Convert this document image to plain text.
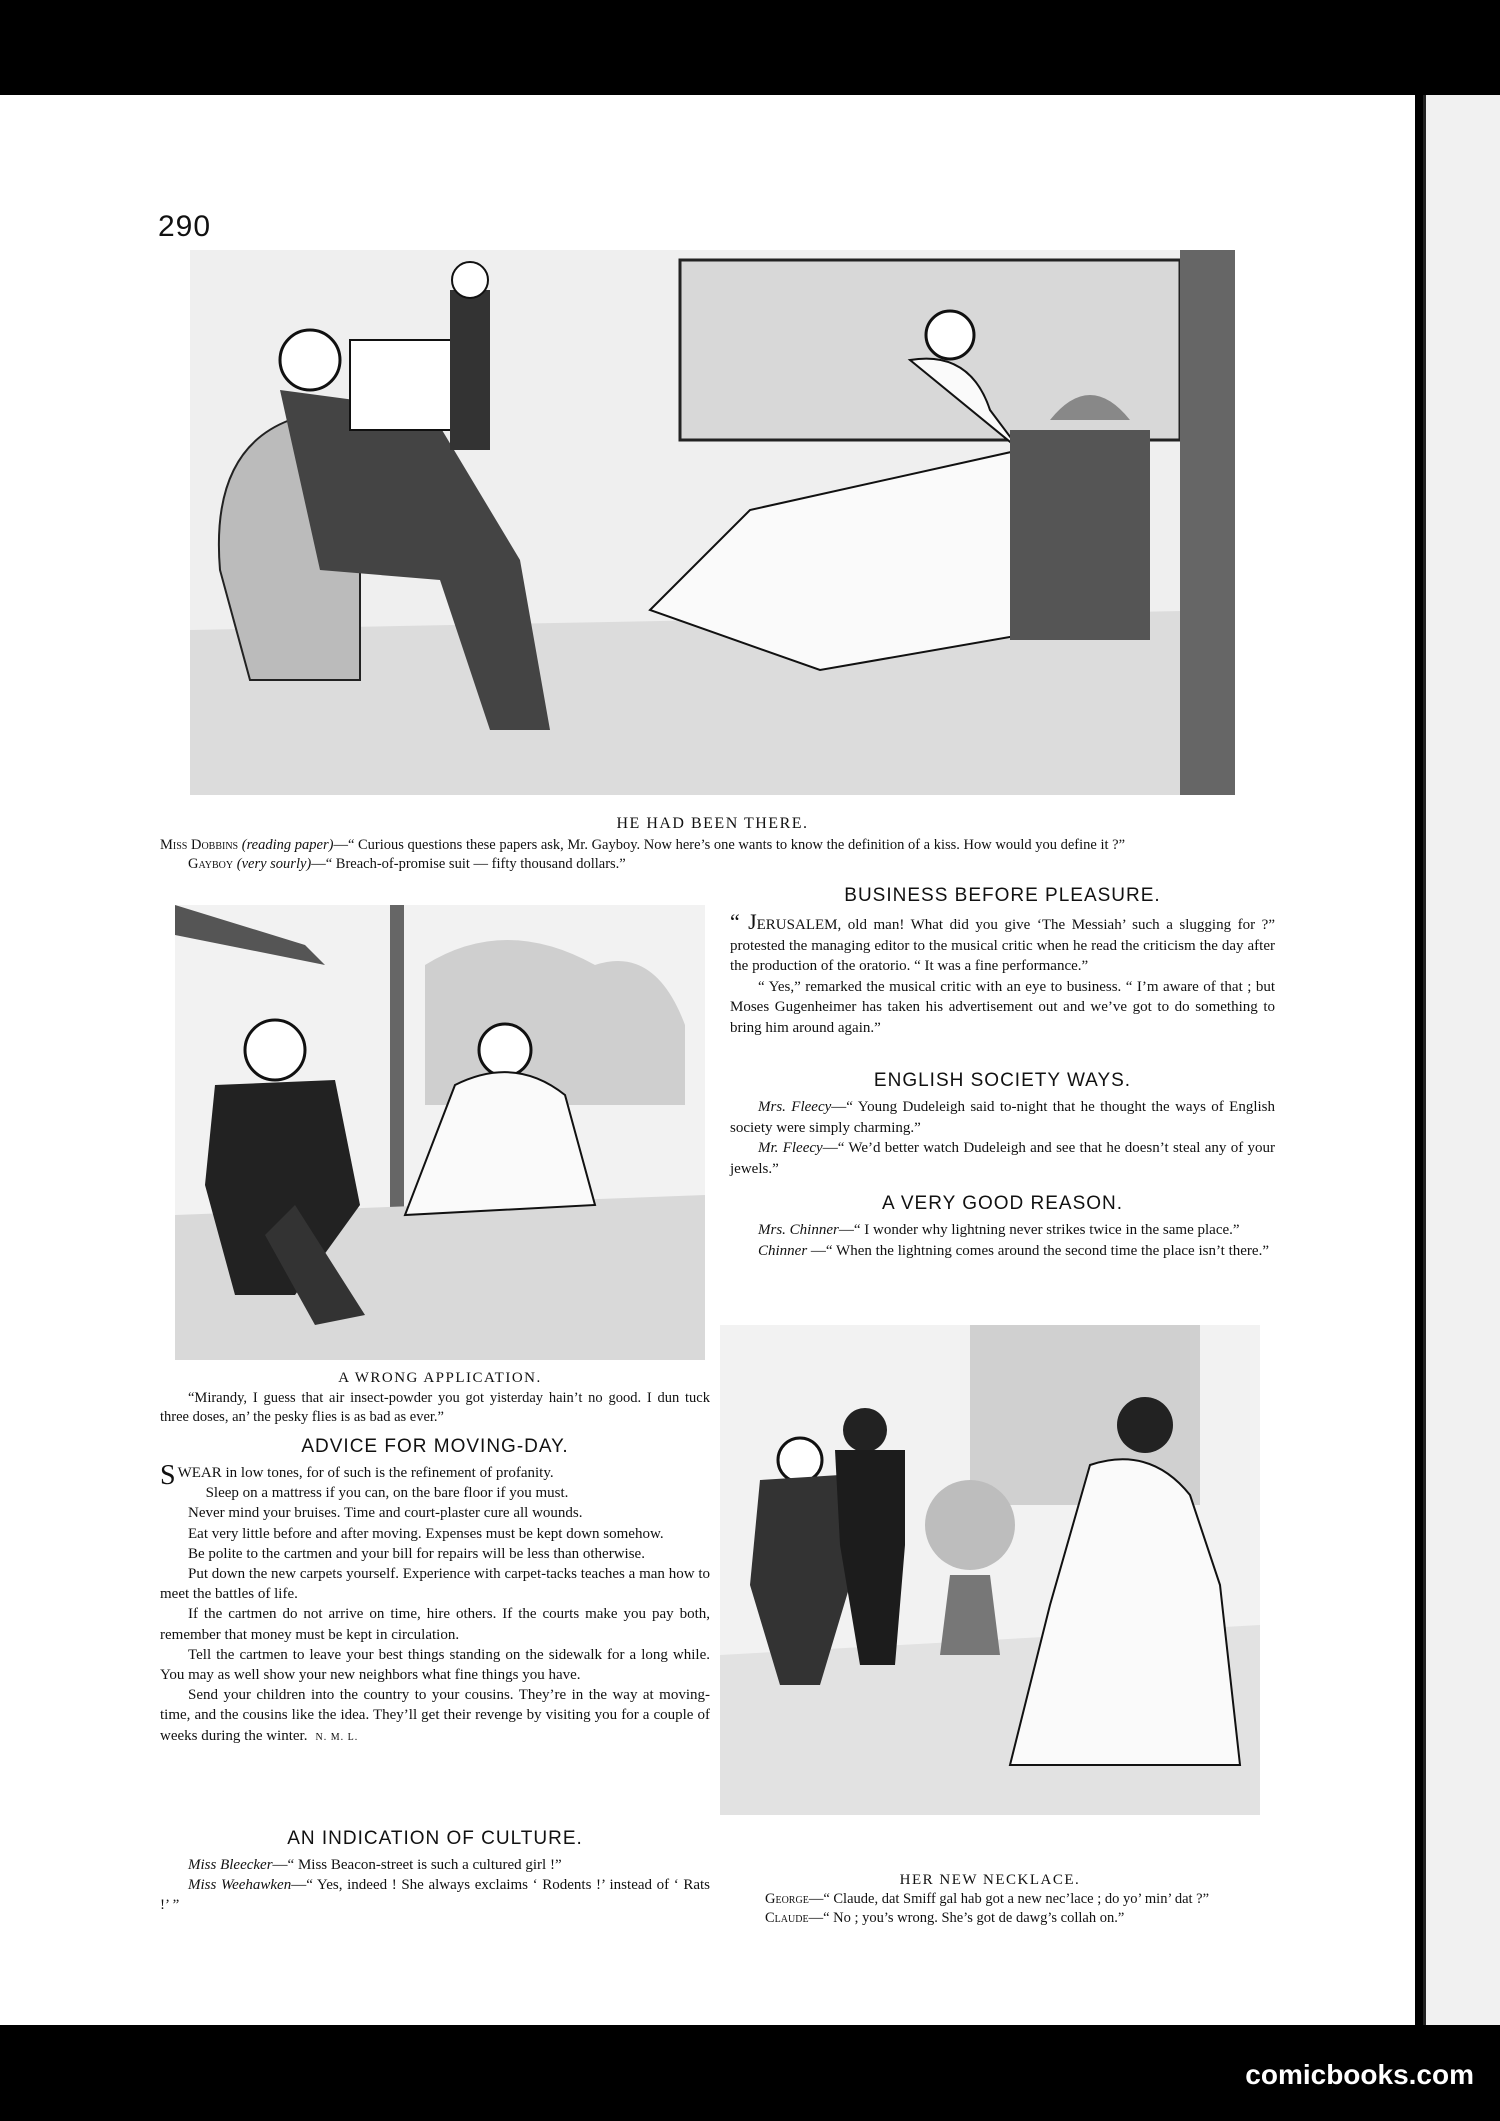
290
HE HAD BEEN THERE.

Miss Dobbins (reading paper)—“ Curious questions these papers ask, Mr. Gayboy. Now here’s one wants to know the definition of a kiss. How would you define it ?”

Gayboy (very sourly)—“ Breach-of-promise suit — fifty thousand dollars.”

A WRONG APPLICATION.

“Mirandy, I guess that air insect-powder you got yisterday hain’t no good. I dun tuck three doses, an’ the pesky flies is as bad as ever.”

ADVICE FOR MOVING-DAY.

SWEAR in low tones, for of such is the refinement of profanity.

Sleep on a mattress if you can, on the bare floor if you must.

Never mind your bruises. Time and court-plaster cure all wounds.

Eat very little before and after moving. Expenses must be kept down somehow.

Be polite to the cartmen and your bill for repairs will be less than otherwise.

Put down the new carpets yourself. Experience with carpet-tacks teaches a man how to meet the battles of life.

If the cartmen do not arrive on time, hire others. If the courts make you pay both, remember that money must be kept in circulation.

Tell the cartmen to leave your best things standing on the sidewalk for a long while. You may as well show your new neighbors what fine things you have.

Send your children into the country to your cousins. They’re in the way at moving-time, and the cousins like the idea. They’ll get their revenge by visiting you for a couple of weeks during the winter. N. M. L.

AN INDICATION OF CULTURE.

Miss Bleecker—“ Miss Beacon-street is such a cultured girl !”

Miss Weehawken—“ Yes, indeed ! She always exclaims ‘ Rodents !’ instead of ‘ Rats !’ ”

BUSINESS BEFORE PLEASURE.

“ JERUSALEM, old man! What did you give ‘The Messiah’ such a slugging for ?” protested the managing editor to the musical critic when he read the criticism the day after the production of the oratorio. “ It was a fine performance.”

“ Yes,” remarked the musical critic with an eye to business. “ I’m aware of that ; but Moses Gugenheimer has taken his advertisement out and we’ve got to do something to bring him around again.”

ENGLISH SOCIETY WAYS.

Mrs. Fleecy—“ Young Dudeleigh said to-night that he thought the ways of English society were simply charming.”

Mr. Fleecy—“ We’d better watch Dudeleigh and see that he doesn’t steal any of your jewels.”

A VERY GOOD REASON.

Mrs. Chinner—“ I wonder why lightning never strikes twice in the same place.”

Chinner —“ When the lightning comes around the second time the place isn’t there.”

HER NEW NECKLACE.

George—“ Claude, dat Smiff gal hab got a new nec’lace ; do yo’ min’ dat ?”

Claude—“ No ; you’s wrong. She’s got de dawg’s collah on.”

comicbooks.com
